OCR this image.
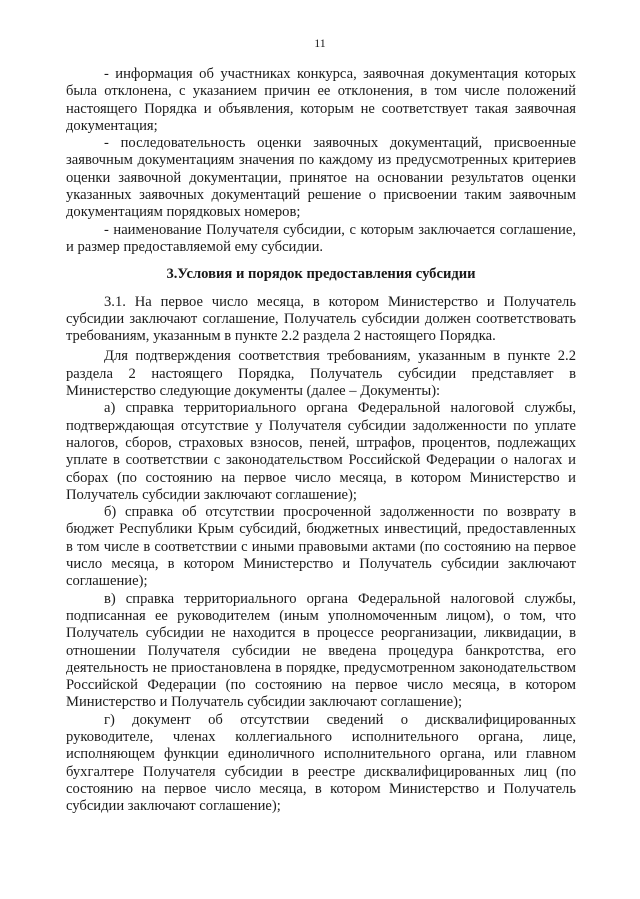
11

- информация об участниках конкурса, заявочная документация которых была отклонена, с указанием причин ее отклонения, в том числе положений настоящего Порядка и объявления, которым не соответствует такая заявочная документация;

- последовательность оценки заявочных документаций, присвоенные заявочным документациям значения по каждому из предусмотренных критериев оценки заявочной документации, принятое на основании результатов оценки указанных заявочных документаций решение о присвоении таким заявочным документациям порядковых номеров;

- наименование Получателя субсидии, с которым заключается соглашение, и размер предоставляемой ему субсидии.

3.Условия и порядок предоставления субсидии

3.1. На первое число месяца, в котором Министерство и Получатель субсидии заключают соглашение, Получатель субсидии должен соответствовать требованиям, указанным в пункте 2.2 раздела 2 настоящего Порядка.

Для подтверждения соответствия требованиям, указанным в пункте 2.2 раздела 2 настоящего Порядка, Получатель субсидии представляет в Министерство следующие документы (далее – Документы):

а) справка территориального органа Федеральной налоговой службы, подтверждающая отсутствие у Получателя субсидии задолженности по уплате налогов, сборов, страховых взносов, пеней, штрафов, процентов, подлежащих уплате в соответствии с законодательством Российской Федерации о налогах и сборах (по состоянию на первое число месяца, в котором Министерство и Получатель субсидии заключают соглашение);

б) справка об отсутствии просроченной задолженности по возврату в бюджет Республики Крым субсидий, бюджетных инвестиций, предоставленных в том числе в соответствии с иными правовыми актами (по состоянию на первое число месяца, в котором Министерство и Получатель субсидии заключают соглашение);

в) справка территориального органа Федеральной налоговой службы, подписанная ее руководителем (иным уполномоченным лицом), о том, что Получатель субсидии не находится в процессе реорганизации, ликвидации, в отношении Получателя субсидии не введена процедура банкротства, его деятельность не приостановлена в порядке, предусмотренном законодательством Российской Федерации (по состоянию на первое число месяца, в котором Министерство и Получатель субсидии заключают соглашение);

г) документ об отсутствии сведений о дисквалифицированных руководителе, членах коллегиального исполнительного органа, лице, исполняющем функции единоличного исполнительного органа, или главном бухгалтере Получателя субсидии в реестре дисквалифицированных лиц (по состоянию на первое число месяца, в котором Министерство и Получатель субсидии заключают соглашение);
